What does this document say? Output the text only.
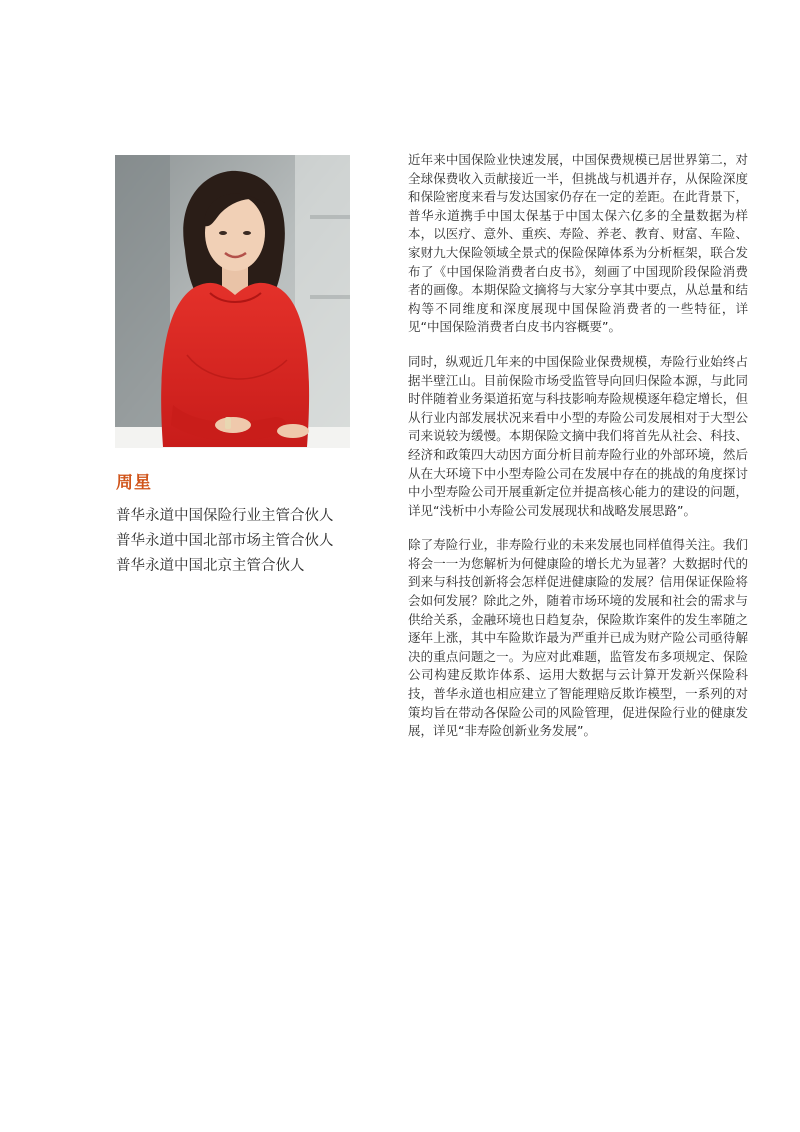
周星
普华永道中国保险行业主管合伙人
普华永道中国北部市场主管合伙人
普华永道中国北京主管合伙人

近年来中国保险业快速发展，中国保费规模已居世界第二，对全球保费收入贡献接近一半，但挑战与机遇并存，从保险深度和保险密度来看与发达国家仍存在一定的差距。在此背景下，普华永道携手中国太保基于中国太保六亿多的全量数据为样本，以医疗、意外、重疾、寿险、养老、教育、财富、车险、家财九大保险领域全景式的保险保障体系为分析框架，联合发布了《中国保险消费者白皮书》，刻画了中国现阶段保险消费者的画像。本期保险文摘将与大家分享其中要点，从总量和结构等不同维度和深度展现中国保险消费者的一些特征，详见“中国保险消费者白皮书内容概要”。

同时，纵观近几年来的中国保险业保费规模，寿险行业始终占据半壁江山。目前保险市场受监管导向回归保险本源，与此同时伴随着业务渠道拓宽与科技影响寿险规模逐年稳定增长，但从行业内部发展状况来看中小型的寿险公司发展相对于大型公司来说较为缓慢。本期保险文摘中我们将首先从社会、科技、经济和政策四大动因方面分析目前寿险行业的外部环境，然后从在大环境下中小型寿险公司在发展中存在的挑战的角度探讨中小型寿险公司开展重新定位并提高核心能力的建设的问题，详见“浅析中小寿险公司发展现状和战略发展思路”。

除了寿险行业，非寿险行业的未来发展也同样值得关注。我们将会一一为您解析为何健康险的增长尤为显著？大数据时代的到来与科技创新将会怎样促进健康险的发展？信用保证保险将会如何发展？除此之外，随着市场环境的发展和社会的需求与供给关系，金融环境也日趋复杂，保险欺诈案件的发生率随之逐年上涨，其中车险欺诈最为严重并已成为财产险公司亟待解决的重点问题之一。为应对此难题，监管发布多项规定、保险公司构建反欺诈体系、运用大数据与云计算开发新兴保险科技，普华永道也相应建立了智能理赔反欺诈模型，一系列的对策均旨在带动各保险公司的风险管理，促进保险行业的健康发展，详见“非寿险创新业务发展”。
